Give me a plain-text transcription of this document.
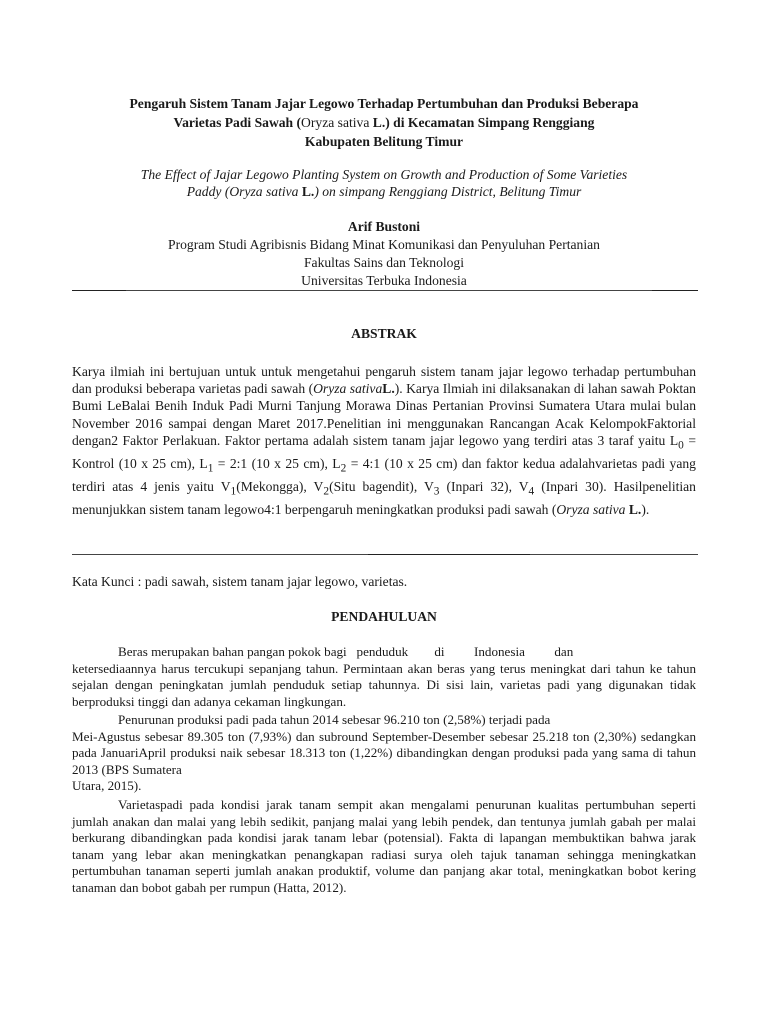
Pengaruh Sistem Tanam Jajar Legowo Terhadap Pertumbuhan dan Produksi Beberapa
Varietas Padi Sawah (Oryza sativa L.) di Kecamatan Simpang Renggiang
Kabupaten Belitung Timur
The Effect of Jajar Legowo Planting System on Growth and Production of Some Varieties
Paddy (Oryza sativa L.) on simpang Renggiang District, Belitung Timur
Arif Bustoni
Program Studi Agribisnis Bidang Minat Komunikasi dan Penyuluhan Pertanian
Fakultas Sains dan Teknologi
Universitas Terbuka Indonesia
ABSTRAK

Karya ilmiah ini bertujuan untuk untuk mengetahui pengaruh sistem tanam jajar legowo terhadap pertumbuhan dan produksi beberapa varietas padi sawah (Oryza sativaL.). Karya Ilmiah ini dilaksanakan di lahan sawah Poktan Bumi LeBalai Benih Induk Padi Murni Tanjung Morawa Dinas Pertanian Provinsi Sumatera Utara mulai bulan November 2016 sampai dengan Maret 2017.Penelitian ini menggunakan Rancangan Acak KelompokFaktorial dengan2 Faktor Perlakuan. Faktor pertama adalah sistem tanam jajar legowo yang terdiri atas 3 taraf yaitu $L_0$ = Kontrol (10 x 25 cm), $L_1$ = 2:1 (10 x 25 cm), $L_2$ = 4:1 (10 x 25 cm) dan faktor kedua adalahvarietas padi yang terdiri atas 4 jenis yaitu $V_1(Mekongga)$, $V_2(Situ$ bagendit), $V_3$ (Inpari 32), $V_4$ (Inpari 30). Hasilpenelitian menunjukkan sistem tanam legowo4:1 berpengaruh meningkatkan produksi padi sawah (Oryza sativa L.).

Kata Kunci : padi sawah, sistem tanam jajar legowo, varietas.

PENDAHULUAN

Beras merupakan bahan pangan pokok bagi   penduduk        di         Indonesia         dan
ketersediaannya harus tercukupi sepanjang tahun. Permintaan akan beras yang terus meningkat dari tahun ke tahun sejalan dengan peningkatan jumlah penduduk setiap tahunnya. Di sisi lain, varietas padi yang digunakan tidak berproduksi tinggi dan adanya cekaman lingkungan.

Penurunan produksi padi pada tahun 2014 sebesar 96.210 ton (2,58%) terjadi pada
Mei-Agustus sebesar 89.305 ton (7,93%) dan subround September-Desember sebesar 25.218 ton (2,30%) sedangkan pada JanuariApril produksi naik sebesar 18.313 ton (1,22%) dibandingkan dengan produksi pada yang sama di tahun 2013 (BPS Sumatera
Utara, 2015).

Varietaspadi pada kondisi jarak tanam sempit akan mengalami penurunan kualitas pertumbuhan seperti jumlah anakan dan malai yang lebih sedikit, panjang malai yang lebih pendek, dan tentunya jumlah gabah per malai berkurang dibandingkan pada kondisi jarak tanam lebar (potensial). Fakta di lapangan membuktikan bahwa jarak tanam yang lebar akan meningkatkan penangkapan radiasi surya oleh tajuk tanaman sehingga meningkatkan pertumbuhan tanaman seperti jumlah anakan produktif, volume dan panjang akar total, meningkatkan bobot kering tanaman dan bobot gabah per rumpun (Hatta, 2012).
